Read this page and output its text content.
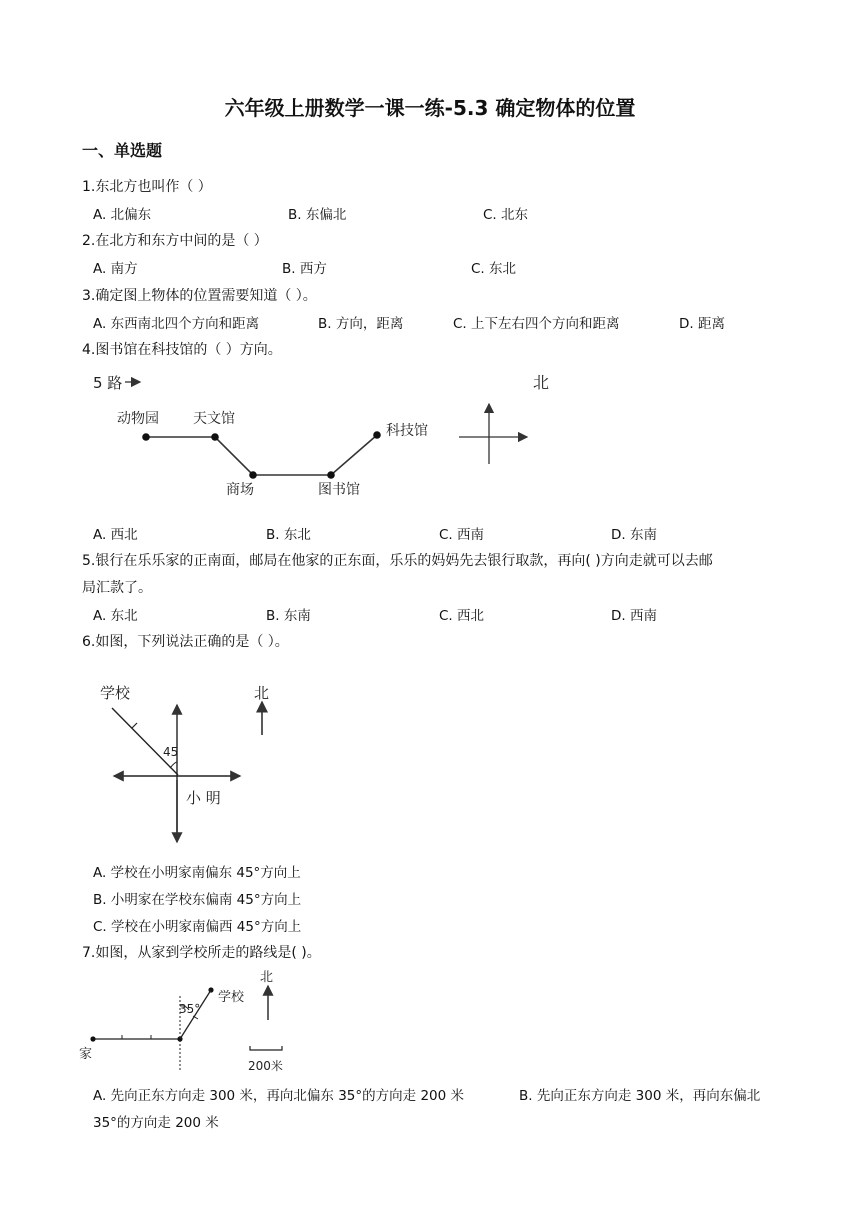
六年级上册数学一课一练-5.3 确定物体的位置
一、单选题
1.东北方也叫作（ ）
A. 北偏东	B. 东偏北	C. 北东
2.在北方和东方中间的是（ ）
A. 南方	B. 西方	C. 东北
3.确定图上物体的位置需要知道（ ）。
A. 东西南北四个方向和距离	B. 方向，距离	C. 上下左右四个方向和距离	D. 距离
4.图书馆在科技馆的（ ）方向。
5 路
动物园 天文馆
商场	图书馆
科技馆
北
A. 西北	B. 东北	C. 西南	D. 东南
5.银行在乐乐家的正南面，邮局在他家的正东面，乐乐的妈妈先去银行取款，再向( )方向走就可以去邮
局汇款了。
A. 东北	B. 东南	C. 西北	D. 西南
6.如图，下列说法正确的是（ ）。
学校
45
小 明
北
A. 学校在小明家南偏东 45°方向上
B. 小明家在学校东偏南 45°方向上
C. 学校在小明家南偏西 45°方向上
7.如图，从家到学校所走的路线是( )。
35°
学校
家
北
200米
A. 先向正东方向走 300 米，再向北偏东 35°的方向走 200 米	B. 先向正东方向走 300 米，再向东偏北
35°的方向走 200 米
